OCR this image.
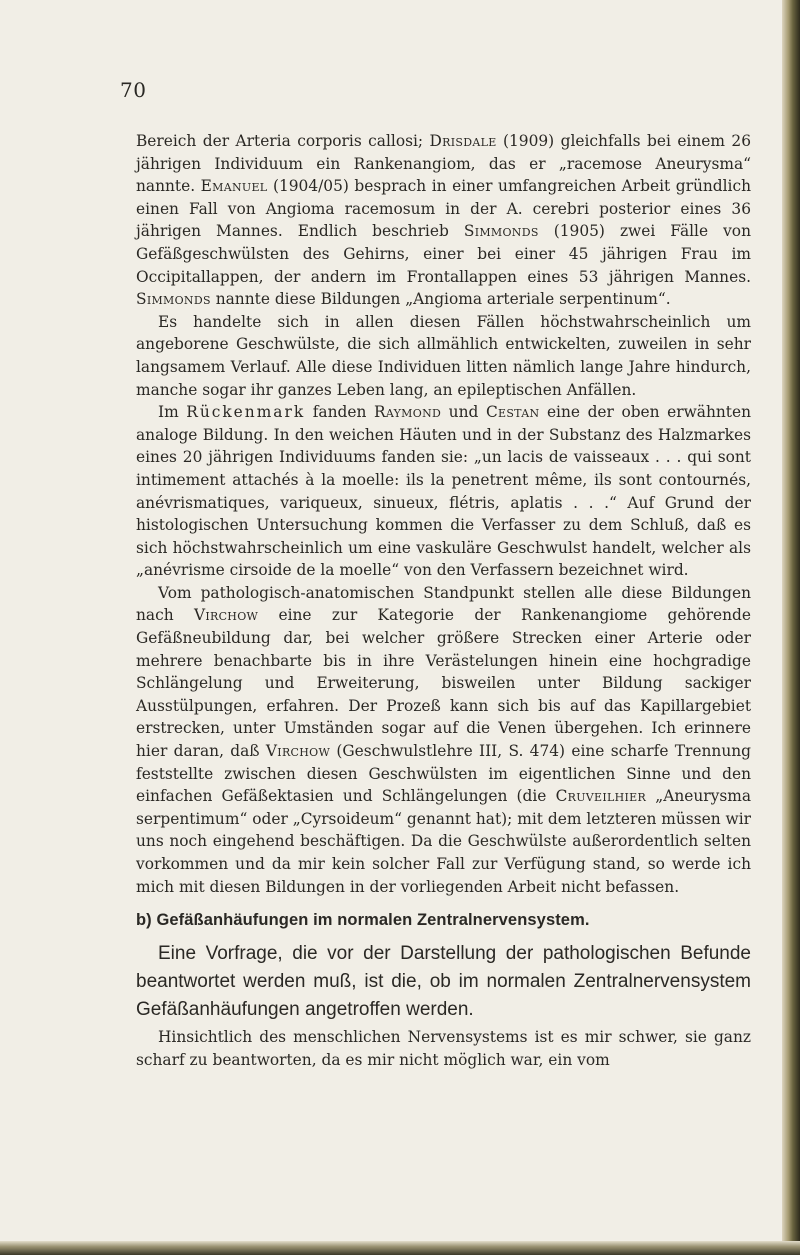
70

Bereich der Arteria corporis callosi; Drisdale (1909) gleichfalls bei einem 26 jährigen Individuum ein Rankenangiom, das er „racemose Aneurysma“ nannte. Emanuel (1904/05) besprach in einer umfangreichen Arbeit gründlich einen Fall von Angioma racemosum in der A. cerebri posterior eines 36 jährigen Mannes. Endlich beschrieb Simmonds (1905) zwei Fälle von Gefäßgeschwülsten des Gehirns, einer bei einer 45 jährigen Frau im Occipitallappen, der andern im Frontallappen eines 53 jährigen Mannes. Simmonds nannte diese Bildungen „Angioma arteriale serpentinum“.

Es handelte sich in allen diesen Fällen höchstwahrscheinlich um angeborene Geschwülste, die sich allmählich entwickelten, zuweilen in sehr langsamem Verlauf. Alle diese Individuen litten nämlich lange Jahre hindurch, manche sogar ihr ganzes Leben lang, an epileptischen Anfällen.

Im Rückenmark fanden Raymond und Cestan eine der oben erwähnten analoge Bildung. In den weichen Häuten und in der Substanz des Halzmarkes eines 20 jährigen Individuums fanden sie: „un lacis de vaisseaux . . . qui sont intimement attachés à la moelle: ils la penetrent même, ils sont contournés, anévrismatiques, variqueux, sinueux, flétris, aplatis . . .“ Auf Grund der histologischen Untersuchung kommen die Verfasser zu dem Schluß, daß es sich höchstwahrscheinlich um eine vaskuläre Geschwulst handelt, welcher als „anévrisme cirsoide de la moelle“ von den Verfassern bezeichnet wird.

Vom pathologisch-anatomischen Standpunkt stellen alle diese Bildungen nach Virchow eine zur Kategorie der Rankenangiome gehörende Gefäßneubildung dar, bei welcher größere Strecken einer Arterie oder mehrere benachbarte bis in ihre Verästelungen hinein eine hochgradige Schlängelung und Erweiterung, bisweilen unter Bildung sackiger Ausstülpungen, erfahren. Der Prozeß kann sich bis auf das Kapillargebiet erstrecken, unter Umständen sogar auf die Venen übergehen. Ich erinnere hier daran, daß Virchow (Geschwulstlehre III, S. 474) eine scharfe Trennung feststellte zwischen diesen Geschwülsten im eigentlichen Sinne und den einfachen Gefäßektasien und Schlängelungen (die Cruveilhier „Aneurysma serpentimum“ oder „Cyrsoideum“ genannt hat); mit dem letzteren müssen wir uns noch eingehend beschäftigen. Da die Geschwülste außerordentlich selten vorkommen und da mir kein solcher Fall zur Verfügung stand, so werde ich mich mit diesen Bildungen in der vorliegenden Arbeit nicht befassen.

b) Gefäßanhäufungen im normalen Zentralnervensystem.

Eine Vorfrage, die vor der Darstellung der pathologischen Befunde beantwortet werden muß, ist die, ob im normalen Zentralnervensystem Gefäßanhäufungen angetroffen werden.

Hinsichtlich des menschlichen Nervensystems ist es mir schwer, sie ganz scharf zu beantworten, da es mir nicht möglich war, ein vom
